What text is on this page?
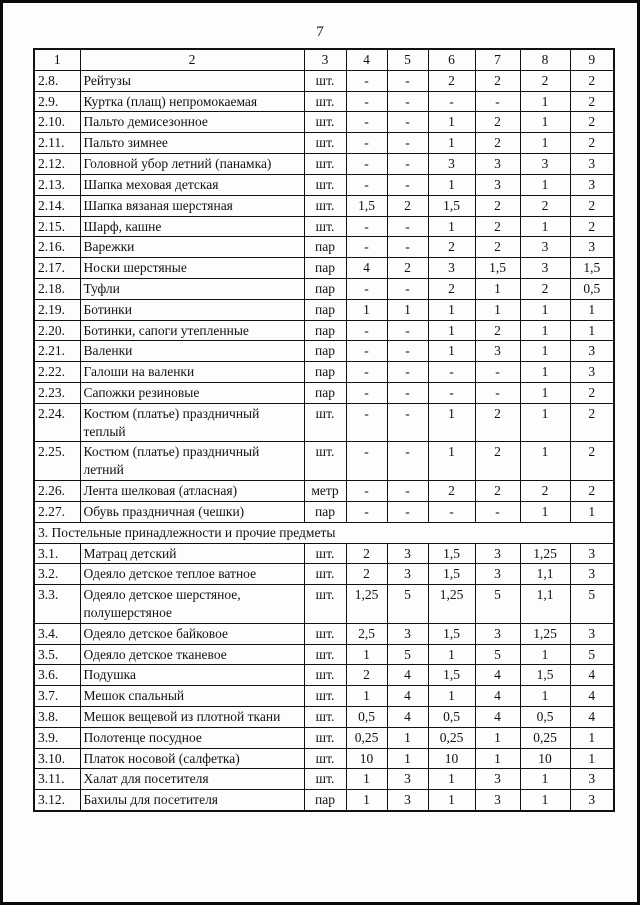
7
1	2	3	4	5	6	7	8	9
2.8.	Рейтузы	шт.	-	-	2	2	2	2
2.9.	Куртка (плащ) непромокаемая	шт.	-	-	-	-	1	2
2.10.	Пальто демисезонное	шт.	-	-	1	2	1	2
2.11.	Пальто зимнее	шт.	-	-	1	2	1	2
2.12.	Головной убор летний (панамка)	шт.	-	-	3	3	3	3
2.13.	Шапка меховая детская	шт.	-	-	1	3	1	3
2.14.	Шапка вязаная шерстяная	шт.	1,5	2	1,5	2	2	2
2.15.	Шарф, кашне	шт.	-	-	1	2	1	2
2.16.	Варежки	пар	-	-	2	2	3	3
2.17.	Носки шерстяные	пар	4	2	3	1,5	3	1,5
2.18.	Туфли	пар	-	-	2	1	2	0,5
2.19.	Ботинки	пар	1	1	1	1	1	1
2.20.	Ботинки, сапоги утепленные	пар	-	-	1	2	1	1
2.21.	Валенки	пар	-	-	1	3	1	3
2.22.	Галоши на валенки	пар	-	-	-	-	1	3
2.23.	Сапожки резиновые	пар	-	-	-	-	1	2
2.24.	Костюм (платье) праздничный теплый	шт.	-	-	1	2	1	2
2.25.	Костюм (платье) праздничный летний	шт.	-	-	1	2	1	2
2.26.	Лента шелковая (атласная)	метр	-	-	2	2	2	2
2.27.	Обувь праздничная (чешки)	пар	-	-	-	-	1	1
3. Постельные принадлежности и прочие предметы								
3.1.	Матрац детский	шт.	2	3	1,5	3	1,25	3
3.2.	Одеяло детское теплое ватное	шт.	2	3	1,5	3	1,1	3
3.3.	Одеяло детское шерстяное, полушерстяное	шт.	1,25	5	1,25	5	1,1	5
3.4.	Одеяло детское байковое	шт.	2,5	3	1,5	3	1,25	3
3.5.	Одеяло детское тканевое	шт.	1	5	1	5	1	5
3.6.	Подушка	шт.	2	4	1,5	4	1,5	4
3.7.	Мешок спальный	шт.	1	4	1	4	1	4
3.8.	Мешок вещевой из плотной ткани	шт.	0,5	4	0,5	4	0,5	4
3.9.	Полотенце посудное	шт.	0,25	1	0,25	1	0,25	1
3.10.	Платок носовой (салфетка)	шт.	10	1	10	1	10	1
3.11.	Халат для посетителя	шт.	1	3	1	3	1	3
3.12.	Бахилы для посетителя	пар	1	3	1	3	1	3
